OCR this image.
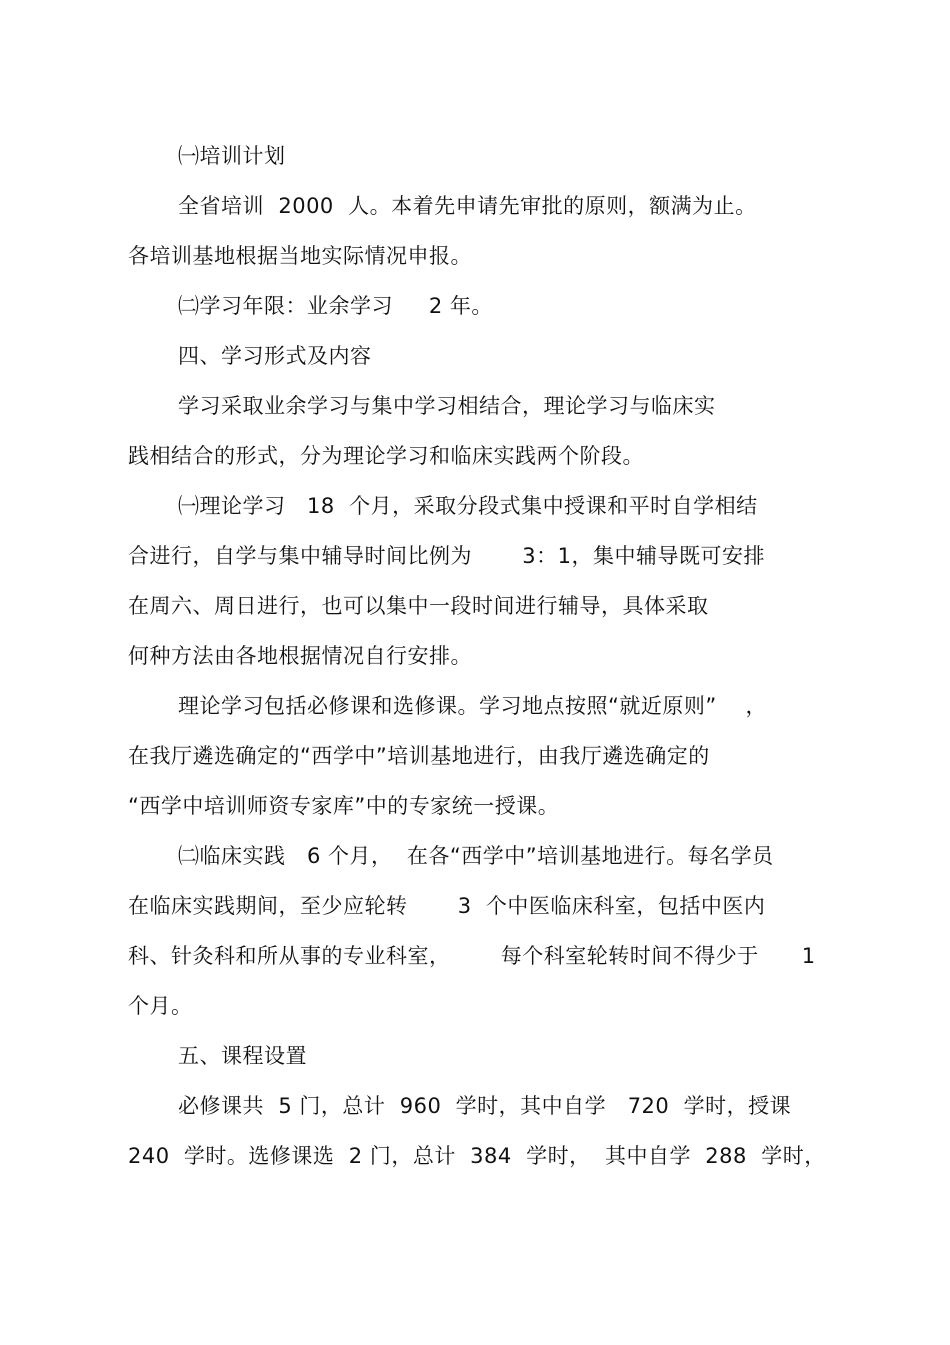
㈠培训计划
全省培训  2000  人。本着先申请先审批的原则，额满为止。
各培训基地根据当地实际情况申报。
㈡学习年限：业余学习     2 年。
四、学习形式及内容
学习采取业余学习与集中学习相结合，理论学习与临床实
践相结合的形式，分为理论学习和临床实践两个阶段。
㈠理论学习   18  个月，采取分段式集中授课和平时自学相结
合进行，自学与集中辅导时间比例为       3：1，集中辅导既可安排
在周六、周日进行，也可以集中一段时间进行辅导，具体采取
何种方法由各地根据情况自行安排。
理论学习包括必修课和选修课。学习地点按照“就近原则”    ，
在我厅遴选确定的“西学中”培训基地进行，由我厅遴选确定的
“西学中培训师资专家库”中的专家统一授课。
㈡临床实践   6 个月，  在各“西学中”培训基地进行。每名学员
在临床实践期间，至少应轮转       3  个中医临床科室，包括中医内
科、针灸科和所从事的专业科室，       每个科室轮转时间不得少于      1
个月。
五、课程设置
必修课共  5 门，总计  960  学时，其中自学   720  学时，授课
240  学时。选修课选  2 门，总计  384  学时，  其中自学  288  学时，
